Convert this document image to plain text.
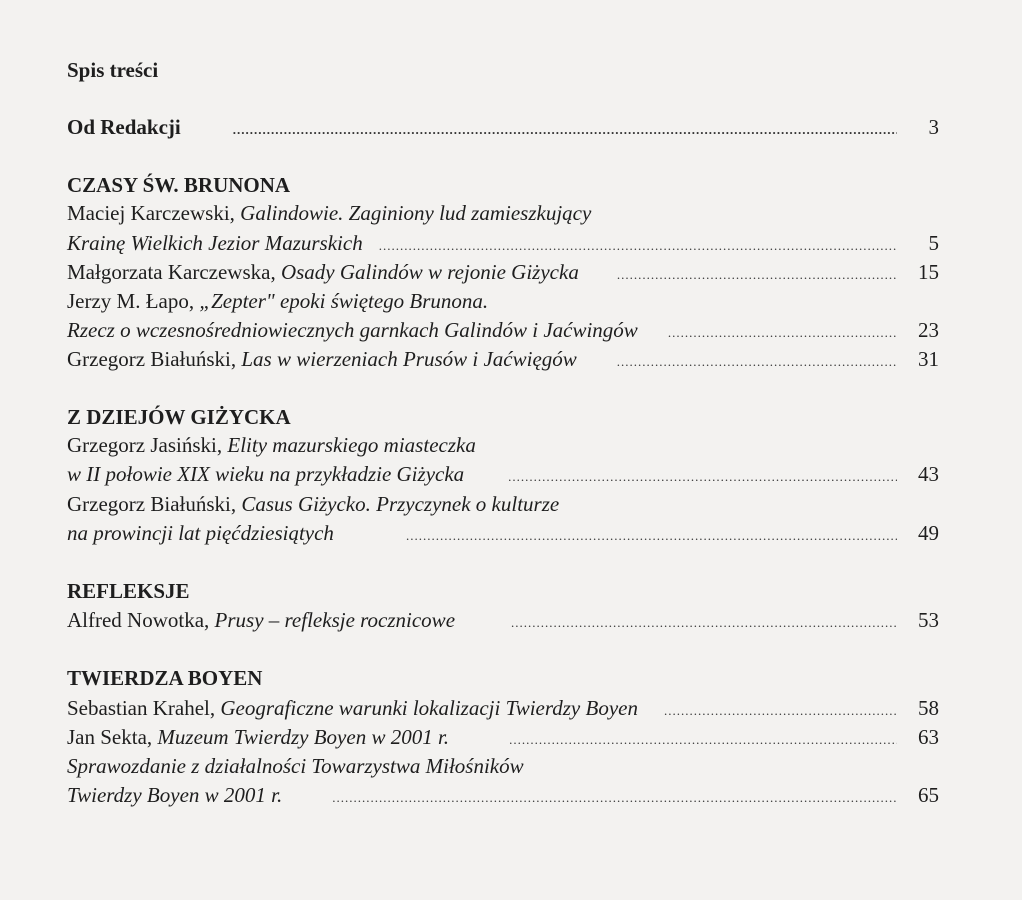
Spis treści
Od Redakcji .....	3
CZASY ŚW. BRUNONA
Maciej Karczewski, Galindowie. Zaginiony lud zamieszkujący
Krainę Wielkich Jezior Mazurskich .....	5
Małgorzata Karczewska, Osady Galindów w rejonie Giżycka .....	15
Jerzy M. Łapo, „Zepter" epoki świętego Brunona.
Rzecz o wczesnośredniowiecznych garnkach Galindów i Jaćwingów .....	23
Grzegorz Białuński, Las w wierzeniach Prusów i Jaćwięgów .....	31
Z DZIEJÓW GIŻYCKA
Grzegorz Jasiński, Elity mazurskiego miasteczka
w II połowie XIX wieku na przykładzie Giżycka .....	43
Grzegorz Białuński, Casus Giżycko. Przyczynek o kulturze
na prowincji lat pięćdziesiątych .....	49
REFLEKSJE
Alfred Nowotka, Prusy – refleksje rocznicowe .....	53
TWIERDZA BOYEN
Sebastian Krahel, Geograficzne warunki lokalizacji Twierdzy Boyen .....	58
Jan Sekta, Muzeum Twierdzy Boyen w 2001 r. .....	63
Sprawozdanie z działalności Towarzystwa Miłośników
Twierdzy Boyen w 2001 r. .....	65
